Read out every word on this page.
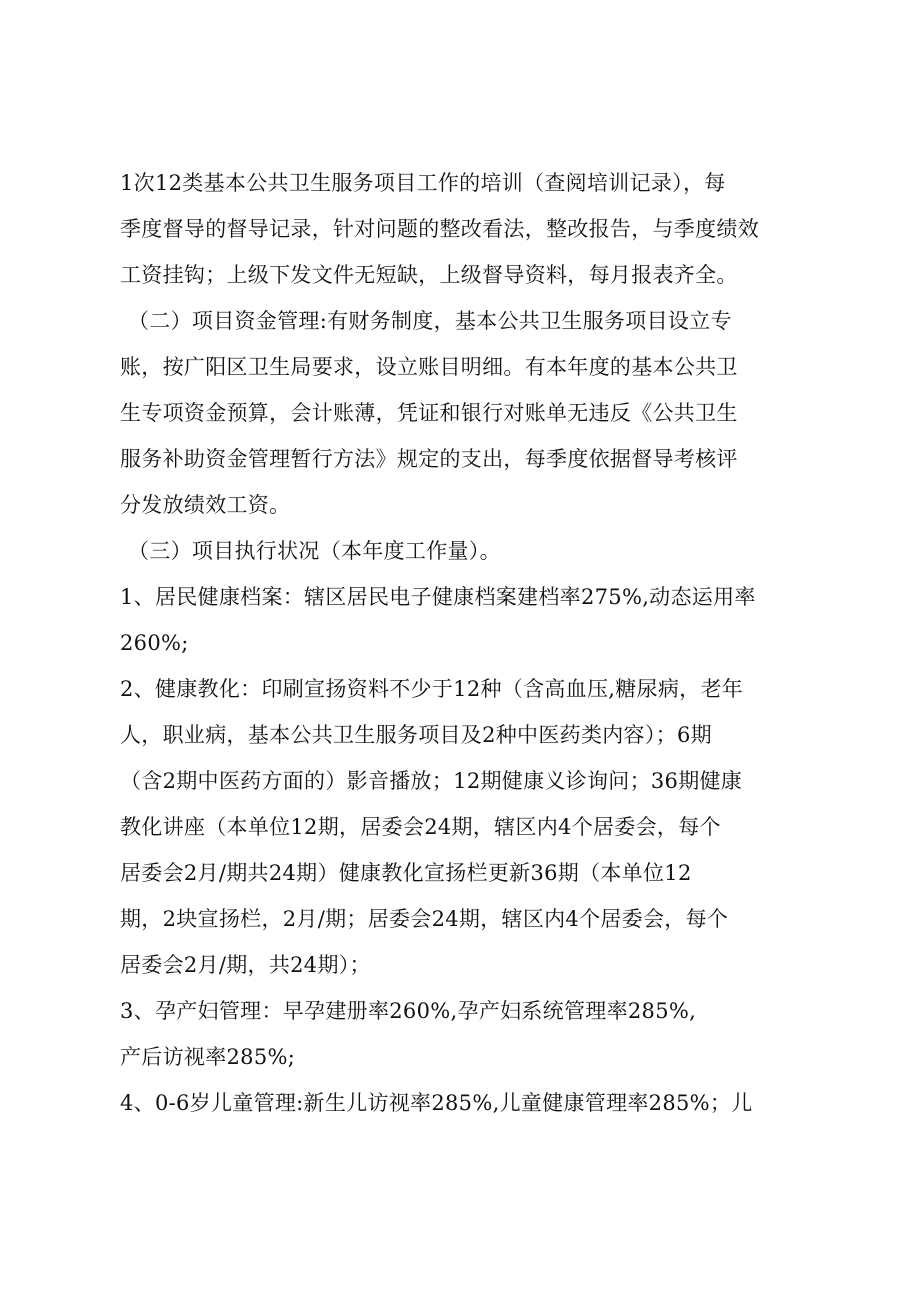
1次12类基本公共卫生服务项目工作的培训（查阅培训记录），每
季度督导的督导记录，针对问题的整改看法，整改报告，与季度绩效
工资挂钩；上级下发文件无短缺，上级督导资料，每月报表齐全。
（二）项目资金管理:有财务制度，基本公共卫生服务项目设立专
账，按广阳区卫生局要求，设立账目明细。有本年度的基本公共卫
生专项资金预算，会计账薄，凭证和银行对账单无违反《公共卫生
服务补助资金管理暂行方法》规定的支出，每季度依据督导考核评
分发放绩效工资。
（三）项目执行状况（本年度工作量）。
1、居民健康档案：辖区居民电子健康档案建档率275%,动态运用率
260%;
2、健康教化：印刷宣扬资料不少于12种（含高血压,糖尿病，老年
人，职业病，基本公共卫生服务项目及2种中医药类内容）；6期
（含2期中医药方面的）影音播放；12期健康义诊询问；36期健康
教化讲座（本单位12期，居委会24期，辖区内4个居委会，每个
居委会2月/期共24期）健康教化宣扬栏更新36期（本单位12
期，2块宣扬栏，2月/期；居委会24期，辖区内4个居委会，每个
居委会2月/期，共24期）；
3、孕产妇管理：早孕建册率260%,孕产妇系统管理率285%,
产后访视率285%;
4、0-6岁儿童管理:新生儿访视率285%,儿童健康管理率285%；儿
